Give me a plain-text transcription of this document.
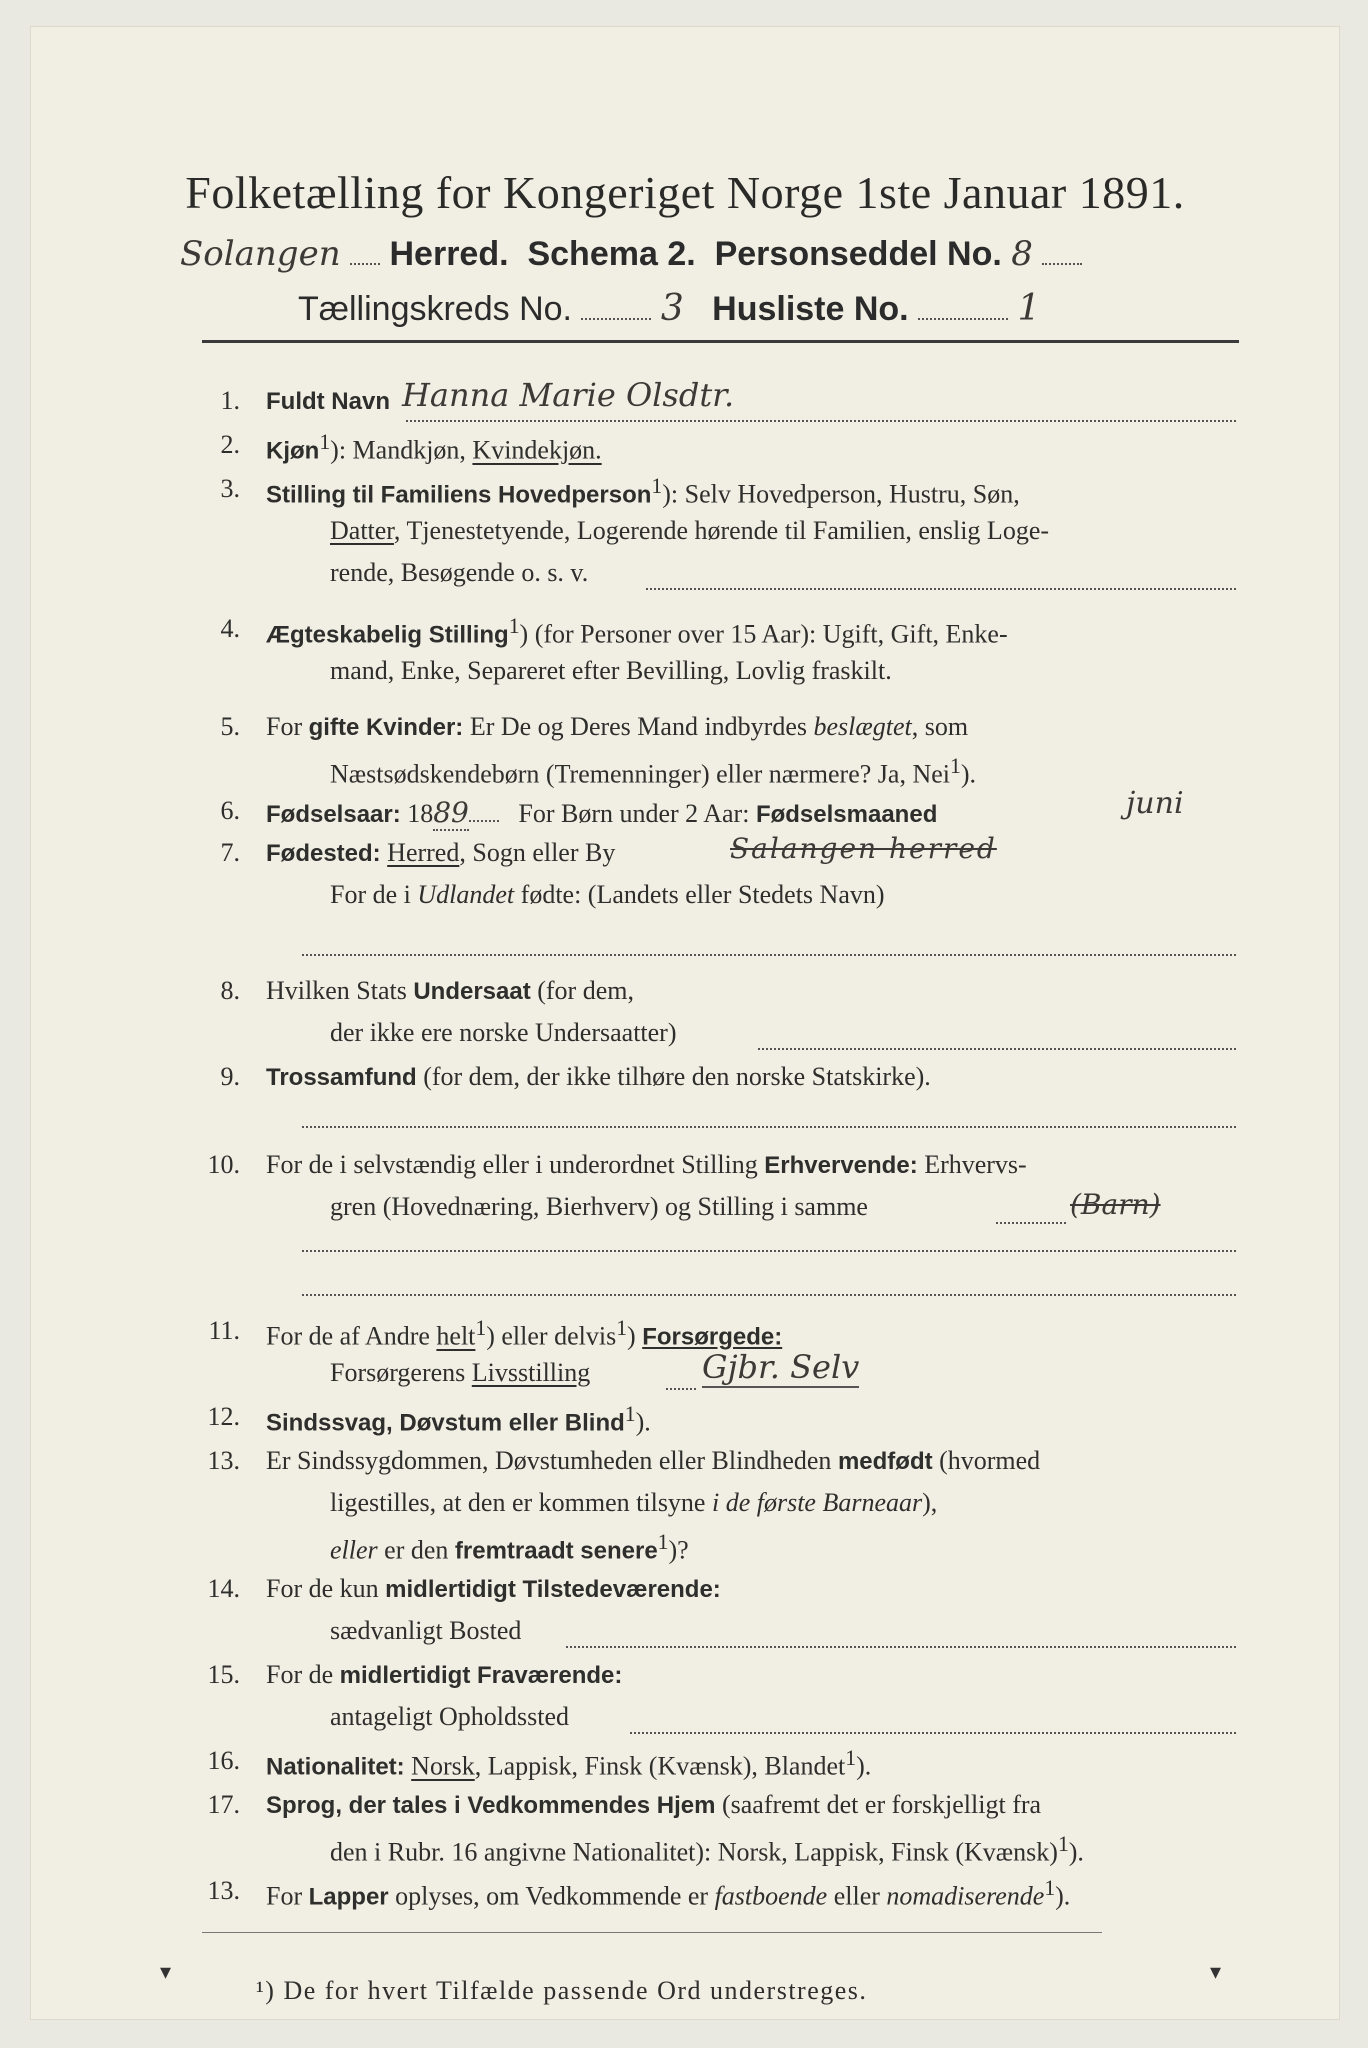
Folketælling for Kongeriget Norge 1ste Januar 1891.
Solangen Herred. Schema 2. Personseddel No. 8
Tællingskreds No. 3 Husliste No.	1
1. Fuldt Navn Hanna Marie Olsdtr.
2. Kjøn$^1$): Mandkjøn, Kvindekjøn.
3. Stilling til Familiens Hovedperson$^1$): Selv Hovedperson, Hustru, Søn,
Datter, Tjenestetyende, Logerende hørende til Familien, enslig Loge-
rende, Besøgende o. s. v.
4. Ægteskabelig Stilling$^1$) (for Personer over 15 Aar): Ugift, Gift, Enke-
mand, Enke, Separeret efter Bevilling, Lovlig fraskilt.
5. For gifte Kvinder: Er De og Deres Mand indbyrdes beslægtet, som
Næstsødskendebørn (Tremenninger) eller nærmere? Ja, Nei$^1$).
6. Fødselsaar: 1889 For Børn under 2 Aar: Fødselsmaaned	juni
7. Fødested: Herred, Sogn eller By	Salangen herred
For de i Udlandet fødte: (Landets eller Stedets Navn)
8. Hvilken Stats Undersaat (for dem,
der ikke ere norske Undersaatter)
9. Trossamfund (for dem, der ikke tilhøre den norske Statskirke).
10. For de i selvstændig eller i underordnet Stilling Erhvervende: Erhvervs-
gren (Hovednæring, Bierhverv) og Stilling i samme	(Barn)
11. For de af Andre helt$^1$) eller delvis$^1$) Forsørgede:
Forsørgerens Livsstilling	Gjbr. Selv
12. Sindssvag, Døvstum eller Blind$^1$).
13. Er Sindssygdommen, Døvstumheden eller Blindheden medfødt (hvormed
ligestilles, at den er kommen tilsyne i de første Barneaar),
eller er den fremtraadt senere$^1$)?
14. For de kun midlertidigt Tilstedeværende:
sædvanligt Bosted
15. For de midlertidigt Fraværende:
antageligt Opholdssted
16. Nationalitet: Norsk, Lappisk, Finsk (Kvænsk), Blandet$^1$).
17. Sprog, der tales i Vedkommendes Hjem (saafremt det er forskjelligt fra
den i Rubr. 16 angivne Nationalitet): Norsk, Lappisk, Finsk (Kvænsk)$^1$).
13. For Lapper oplyses, om Vedkommende er fastboende eller nomadiserende$^1$).
¹) De for hvert Tilfælde passende Ord understreges.
▾	▾
